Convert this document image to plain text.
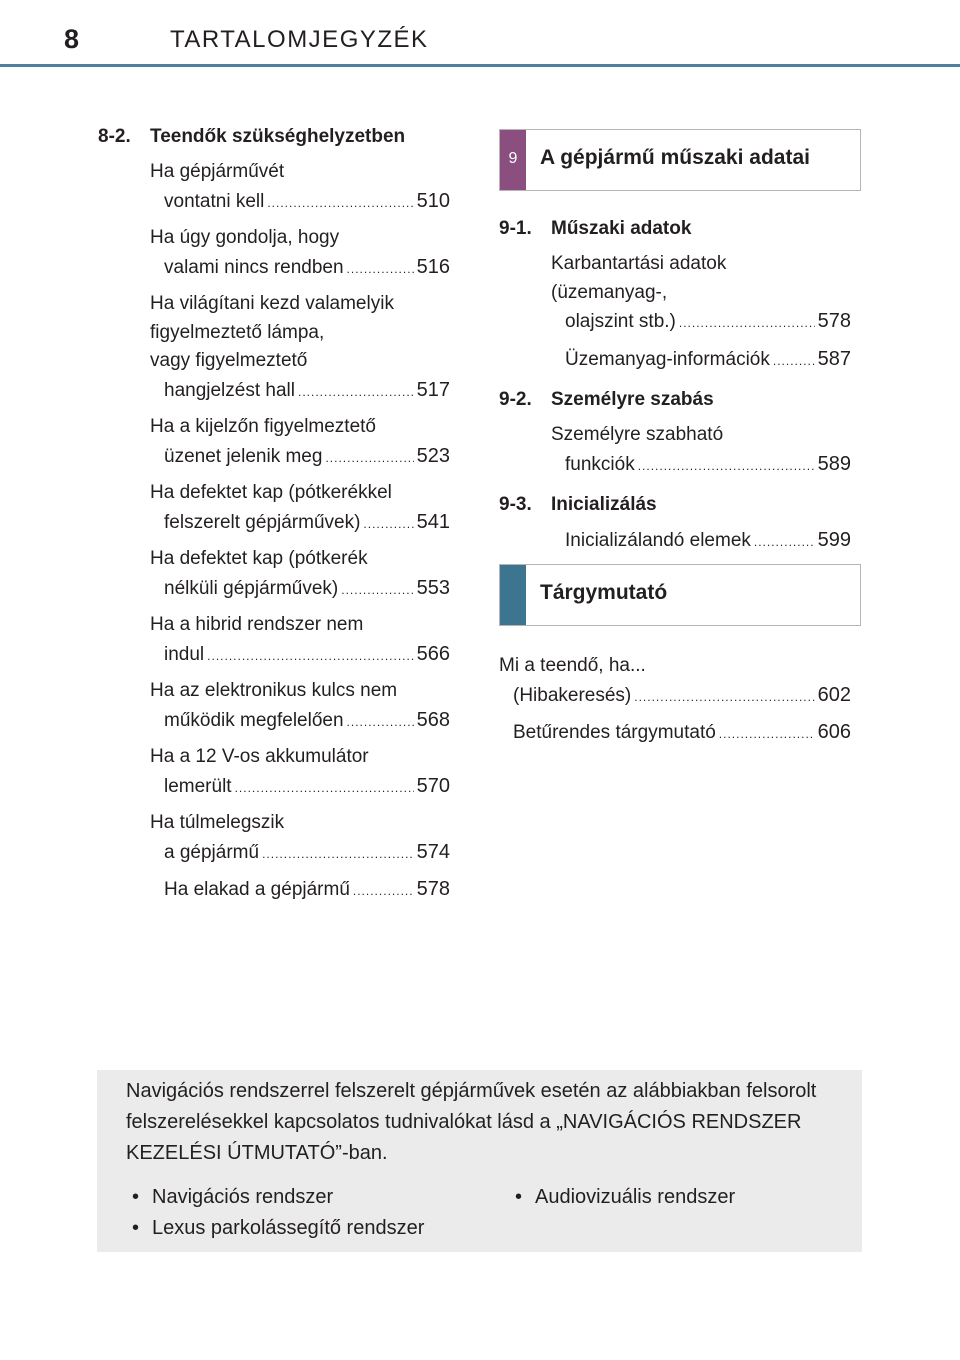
8	TARTALOMJEGYZÉK
8-2.	Teendők szükséghelyzetben
Ha gépjárművét
vontatni kell .....	510
Ha úgy gondolja, hogy
valami nincs rendben .....	516
Ha világítani kezd valamelyik
figyelmeztető lámpa,
vagy figyelmeztető
hangjelzést hall .....	517
Ha a kijelzőn figyelmeztető
üzenet jelenik meg .....	523
Ha defektet kap (pótkerékkel
felszerelt gépjárművek) .....	541
Ha defektet kap (pótkerék
nélküli gépjárművek) .....	553
Ha a hibrid rendszer nem
indul .....	566
Ha az elektronikus kulcs nem
működik megfelelően .....	568
Ha a 12 V-os akkumulátor
lemerült .....	570
Ha túlmelegszik
a gépjármű .....	574
Ha elakad a gépjármű .....	578
9	A gépjármű műszaki adatai
9-1.	Műszaki adatok
Karbantartási adatok
(üzemanyag-,
olajszint stb.) .....	578
Üzemanyag-információk ..... 587
9-2.	Személyre szabás
Személyre szabható
funkciók .....	589
9-3.	Inicializálás
Inicializálandó elemek .....	599
Tárgymutató
Mi a teendő, ha...
(Hibakeresés) .....	602
Betűrendes tárgymutató .....	606
Navigációs rendszerrel felszerelt gépjárművek esetén az alábbiakban felsorolt felszerelésekkel kapcsolatos tudnivalókat lásd a „NAVIGÁCIÓS RENDSZER KEZELÉSI ÚTMUTATÓ”-ban.
• Navigációs rendszer
• Lexus parkolássegítő rendszer
• Audiovizuális rendszer
